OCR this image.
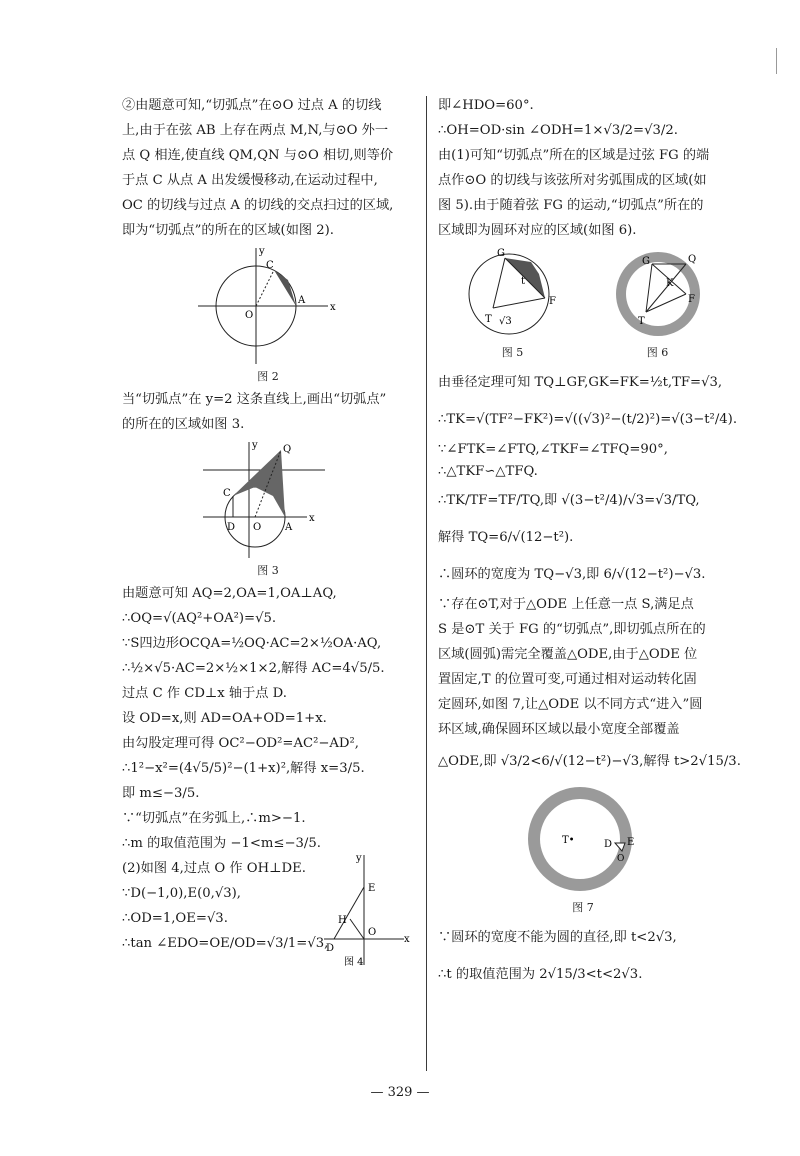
②由题意可知,“切弧点”在⊙O 过点 A 的切线

上,由于在弦 AB 上存在两点 M,N,与⊙O 外一

点 Q 相连,使直线 QM,QN 与⊙O 相切,则等价

于点 C 从点 A 出发缓慢移动,在运动过程中,

OC 的切线与过点 A 的切线的交点扫过的区域,

即为“切弧点”的所在的区域(如图 2).

y
x
O
A
C
图 2

当“切弧点”在 y=2 这条直线上,画出“切弧点”

的所在的区域如图 3.

y
x
Q
C
D O A
图 3

由题意可知 AQ=2,OA=1,OA⊥AQ,

∴OQ=√(AQ²+OA²)=√5.

∵S四边形OCQA=½OQ·AC=2×½OA·AQ,

∴½×√5·AC=2×½×1×2,解得 AC=4√5/5.

过点 C 作 CD⊥x 轴于点 D.

设 OD=x,则 AD=OA+OD=1+x.

由勾股定理可得 OC²−OD²=AC²−AD²,

∴1²−x²=(4√5/5)²−(1+x)²,解得 x=3/5.

即 m≤−3/5.

∵“切弧点”在劣弧上,∴m>−1.

∴m 的取值范围为 −1<m≤−3/5.

(2)如图 4,过点 O 作 OH⊥DE.

∵D(−1,0),E(0,√3),

∴OD=1,OE=√3.

∴tan ∠EDO=OE/OD=√3/1=√3,

y
x
E
H
D
O
图 4

即∠HDO=60°.

∴OH=OD·sin ∠ODH=1×√3/2=√3/2.

由(1)可知“切弧点”所在的区域是过弦 FG 的端

点作⊙O 的切线与该弦所对劣弧围成的区域(如

图 5).由于随着弦 FG 的运动,“切弧点”所在的

区域即为圆环对应的区域(如图 6).

G
t
T √3
F
图 5
G	Q
K
T
F
图 6

由垂径定理可知 TQ⊥GF,GK=FK=½t,TF=√3,

∴TK=√(TF²−FK²)=√((√3)²−(t/2)²)=√(3−t²/4).

∵∠FTK=∠FTQ,∠TKF=∠TFQ=90°,

∴△TKF∽△TFQ.

∴TK/TF=TF/TQ,即 √(3−t²/4)/√3=√3/TQ,

解得 TQ=6/√(12−t²).

∴圆环的宽度为 TQ−√3,即 6/√(12−t²)−√3.

∵存在⊙T,对于△ODE 上任意一点 S,满足点

S 是⊙T 关于 FG 的“切弧点”,即切弧点所在的

区域(圆弧)需完全覆盖△ODE,由于△ODE 位

置固定,T 的位置可变,可通过相对运动转化固

定圆环,如图 7,让△ODE 以不同方式“进入”圆

环区域,确保圆环区域以最小宽度全部覆盖

△ODE,即 √3/2<6/√(12−t²)−√3,解得 t>2√15/3.

T•	D E
O
图 7

∵圆环的宽度不能为圆的直径,即 t<2√3,

∴t 的取值范围为 2√15/3<t<2√3.

— 329 —
